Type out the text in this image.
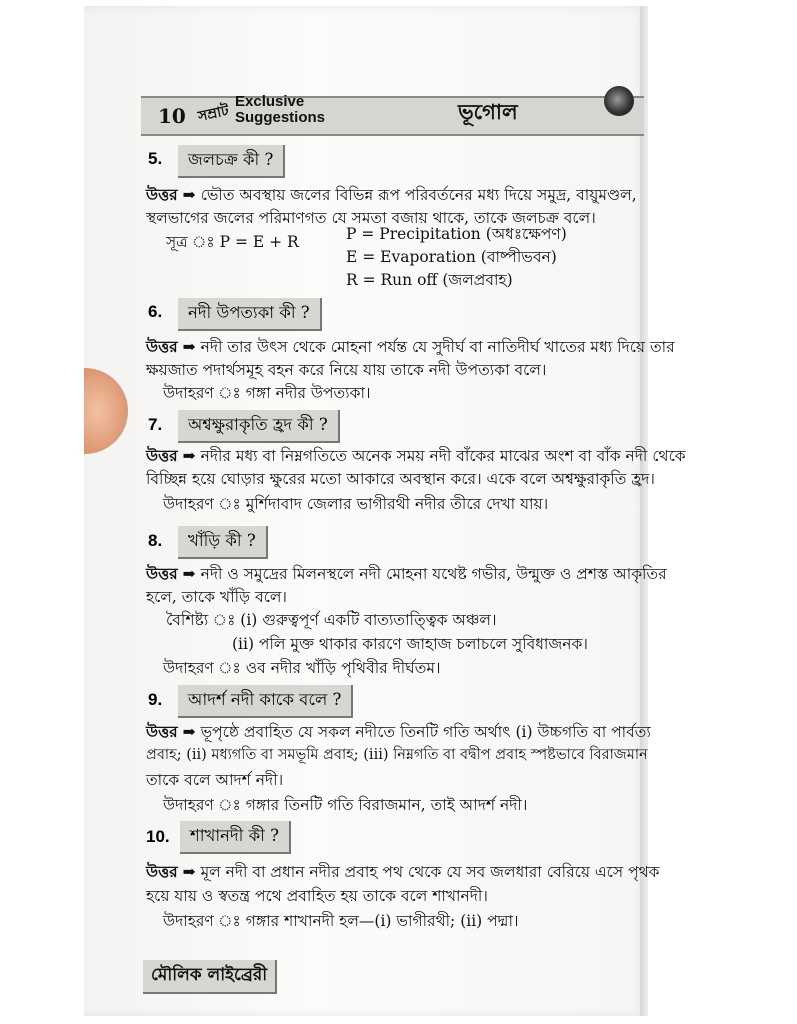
10 সম্রাট
Exclusive
Suggestions	ভূগোল
5.	জলচক্র কী ?
উত্তর ➡ ভৌত অবস্থায় জলের বিভিন্ন রূপ পরিবর্তনের মধ্য দিয়ে সমুদ্র, বায়ুমণ্ডল,
স্থলভাগের জলের পরিমাণগত যে সমতা বজায় থাকে, তাকে জলচক্র বলে।
সূত্র ঃ P = E + R	P = Precipitation (অধঃক্ষেপণ)
E = Evaporation (বাষ্পীভবন)
R = Run off (জলপ্রবাহ)
6.	নদী উপত্যকা কী ?
উত্তর ➡ নদী তার উৎস থেকে মোহনা পর্যন্ত যে সুদীর্ঘ বা নাতিদীর্ঘ খাতের মধ্য দিয়ে তার
ক্ষয়জাত পদার্থসমূহ বহন করে নিয়ে যায় তাকে নদী উপত্যকা বলে।
উদাহরণ ঃ গঙ্গা নদীর উপত্যকা।
7.	অশ্বক্ষুরাকৃতি হ্রদ কী ?
উত্তর ➡ নদীর মধ্য বা নিম্নগতিতে অনেক সময় নদী বাঁকের মাঝের অংশ বা বাঁক নদী থেকে
বিচ্ছিন্ন হয়ে ঘোড়ার ক্ষুরের মতো আকারে অবস্থান করে। একে বলে অশ্বক্ষুরাকৃতি হ্রদ।
উদাহরণ ঃ মুর্শিদাবাদ জেলার ভাগীরথী নদীর তীরে দেখা যায়।
8.	খাঁড়ি কী ?
উত্তর ➡ নদী ও সমুদ্রের মিলনস্থলে নদী মোহনা যথেষ্ট গভীর, উন্মুক্ত ও প্রশস্ত আকৃতির
হলে, তাকে খাঁড়ি বলে।
বৈশিষ্ট্য ঃ (i) গুরুত্বপূর্ণ একটি বাত্যতাত্ত্বিক অঞ্চল।
(ii) পলি মুক্ত থাকার কারণে জাহাজ চলাচলে সুবিধাজনক।
উদাহরণ ঃ ওব নদীর খাঁড়ি পৃথিবীর দীর্ঘতম।
9.	আদর্শ নদী কাকে বলে ?
উত্তর ➡ ভূপৃষ্ঠে প্রবাহিত যে সকল নদীতে তিনটি গতি অর্থাৎ (i) উচ্চগতি বা পার্বত্য
প্রবাহ; (ii) মধ্যগতি বা সমভূমি প্রবাহ; (iii) নিম্নগতি বা বদ্বীপ প্রবাহ স্পষ্টভাবে বিরাজমান
তাকে বলে আদর্শ নদী।
উদাহরণ ঃ গঙ্গার তিনটি গতি বিরাজমান, তাই আদর্শ নদী।
10.	শাখানদী কী ?
উত্তর ➡ মূল নদী বা প্রধান নদীর প্রবাহ পথ থেকে যে সব জলধারা বেরিয়ে এসে পৃথক
হয়ে যায় ও স্বতন্ত্র পথে প্রবাহিত হয় তাকে বলে শাখানদী।
উদাহরণ ঃ গঙ্গার শাখানদী হল—(i) ভাগীরথী; (ii) পদ্মা।
মৌলিক লাইব্রেরী
